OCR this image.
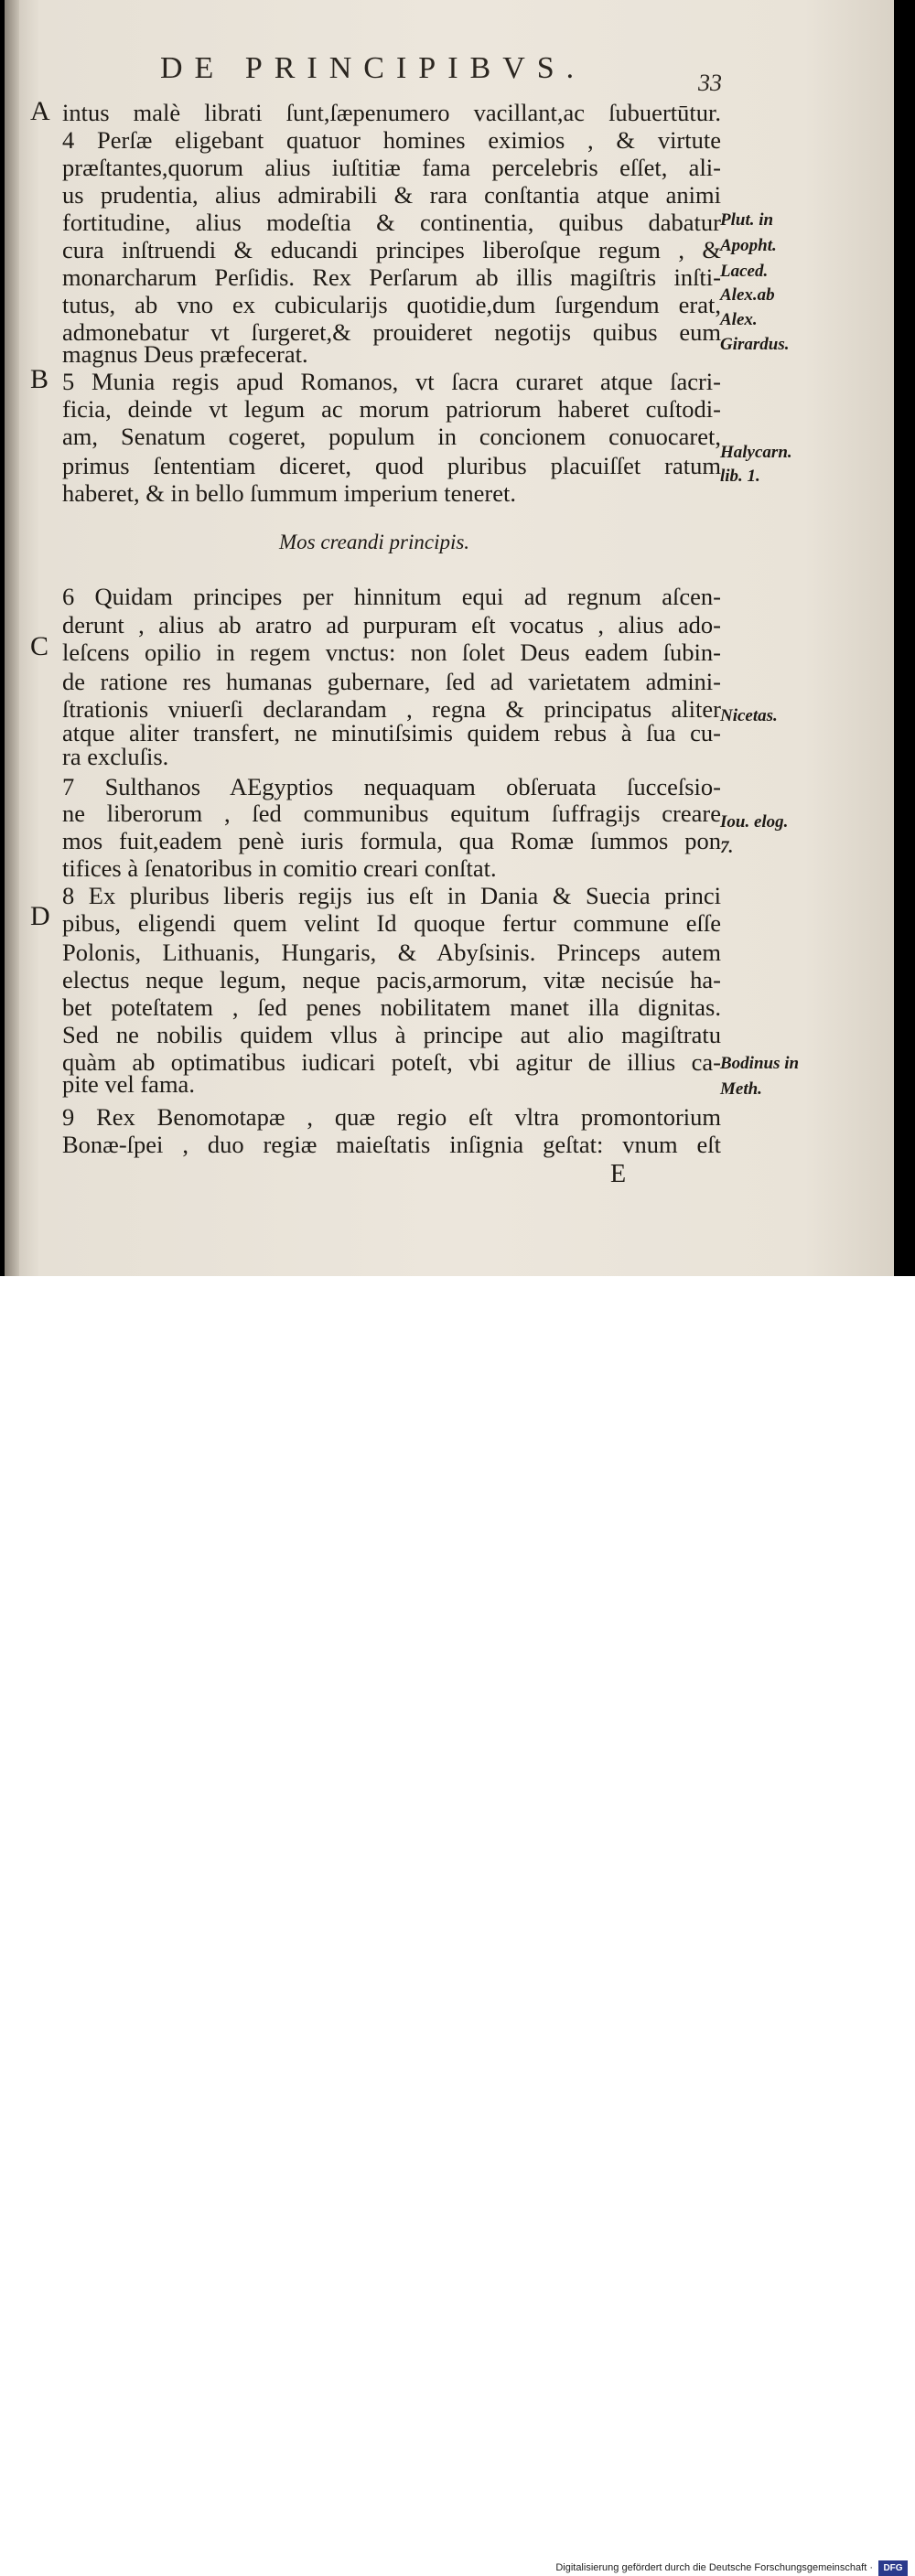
DE PRINCIPIBVS.	33
A
B
C
D
intus malè librati ſunt,ſæpenumero vacillant,ac ſubuertūtur.
4 Perſæ eligebant quatuor homines eximios , & virtute
præſtantes,quorum alius iuſtitiæ fama percelebris eſſet, ali-
us prudentia, alius admirabili & rara conſtantia atque animi
fortitudine, alius modeſtia & continentia, quibus dabatur
cura inſtruendi & educandi principes liberoſque regum , &
monarcharum Perſidis. Rex Perſarum ab illis magiſtris inſti-
tutus, ab vno ex cubicularijs quotidie,dum ſurgendum erat,
admonebatur vt ſurgeret,& prouideret negotijs quibus eum
magnus Deus præfecerat.
5 Munia regis apud Romanos, vt ſacra curaret atque ſacri-
ficia, deinde vt legum ac morum patriorum haberet cuſtodi-
am, Senatum cogeret, populum in concionem conuocaret,
primus ſententiam diceret, quod pluribus placuiſſet ratum
haberet, & in bello ſummum imperium teneret.
Mos creandi principis.
6 Quidam principes per hinnitum equi ad regnum aſcen-
derunt , alius ab aratro ad purpuram eſt vocatus , alius ado-
leſcens opilio in regem vnctus: non ſolet Deus eadem ſubin-
de ratione res humanas gubernare, ſed ad varietatem admini-
ſtrationis vniuerſi declarandam , regna & principatus aliter
atque aliter transfert, ne minutiſsimis quidem rebus à ſua cu-
ra excluſis.
7 Sulthanos AEgyptios nequaquam obſeruata ſucceſsio-
ne liberorum , ſed communibus equitum ſuffragijs creare
mos fuit,eadem penè iuris formula, qua Romæ ſummos pon
tifices à ſenatoribus in comitio creari conſtat.
8 Ex pluribus liberis regijs ius eſt in Dania & Suecia princi
pibus, eligendi quem velint Id quoque fertur commune eſſe
Polonis, Lithuanis, Hungaris, & Abyſsinis. Princeps autem
electus neque legum, neque pacis,armorum, vitæ necisúe ha-
bet poteſtatem , ſed penes nobilitatem manet illa dignitas.
Sed ne nobilis quidem vllus à principe aut alio magiſtratu
quàm ab optimatibus iudicari poteſt, vbi agitur de illius ca-
pite vel fama.
9 Rex Benomotapæ , quæ regio eſt vltra promontorium
Bonæ-ſpei , duo regiæ maieſtatis inſignia geſtat: vnum eſt
Plut. in
Apopht.
Laced.
Alex.ab
Alex.
Girardus.
Halycarn.
lib. 1.
Nicetas.
Iou. elog.
7.
Bodinus in
Meth.
E
Digitalisierung gefördert durch die Deutsche Forschungsgemeinschaft ·	DFG
